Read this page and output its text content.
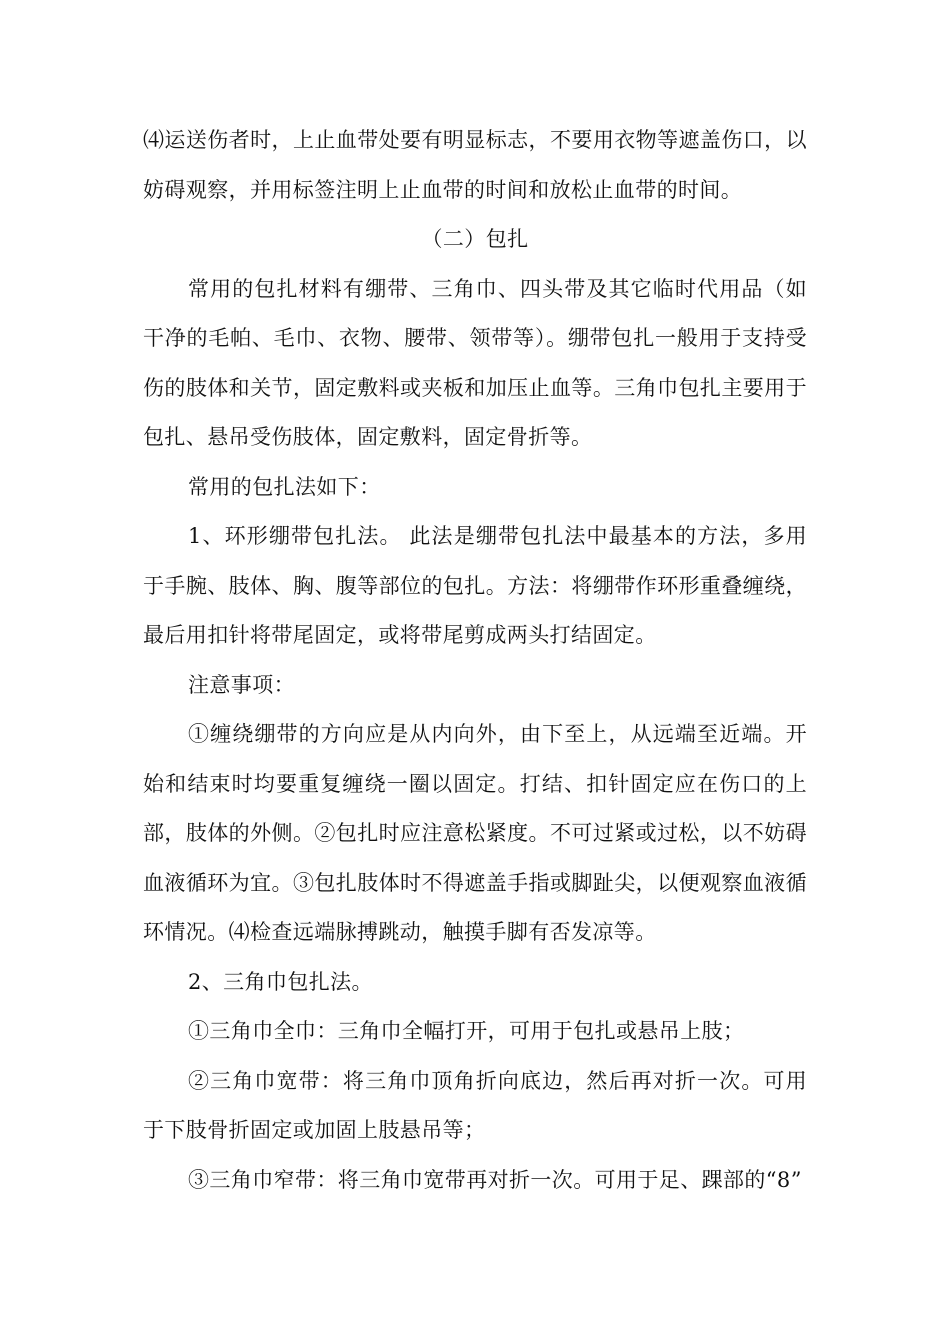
⑷运送伤者时，上止血带处要有明显标志，不要用衣物等遮盖伤口，以妨碍观察，并用标签注明上止血带的时间和放松止血带的时间。

（二）包扎

常用的包扎材料有绷带、三角巾、四头带及其它临时代用品（如干净的毛帕、毛巾、衣物、腰带、领带等）。绷带包扎一般用于支持受伤的肢体和关节，固定敷料或夹板和加压止血等。三角巾包扎主要用于包扎、悬吊受伤肢体，固定敷料，固定骨折等。

常用的包扎法如下：

1、环形绷带包扎法。 此法是绷带包扎法中最基本的方法，多用于手腕、肢体、胸、腹等部位的包扎。方法：将绷带作环形重叠缠绕，最后用扣针将带尾固定，或将带尾剪成两头打结固定。

注意事项：

①缠绕绷带的方向应是从内向外，由下至上，从远端至近端。开始和结束时均要重复缠绕一圈以固定。打结、扣针固定应在伤口的上部，肢体的外侧。②包扎时应注意松紧度。不可过紧或过松，以不妨碍血液循环为宜。③包扎肢体时不得遮盖手指或脚趾尖，以便观察血液循环情况。⑷检查远端脉搏跳动，触摸手脚有否发凉等。

2、三角巾包扎法。

①三角巾全巾：三角巾全幅打开，可用于包扎或悬吊上肢；

②三角巾宽带：将三角巾顶角折向底边，然后再对折一次。可用于下肢骨折固定或加固上肢悬吊等；

③三角巾窄带：将三角巾宽带再对折一次。可用于足、踝部的“8”
